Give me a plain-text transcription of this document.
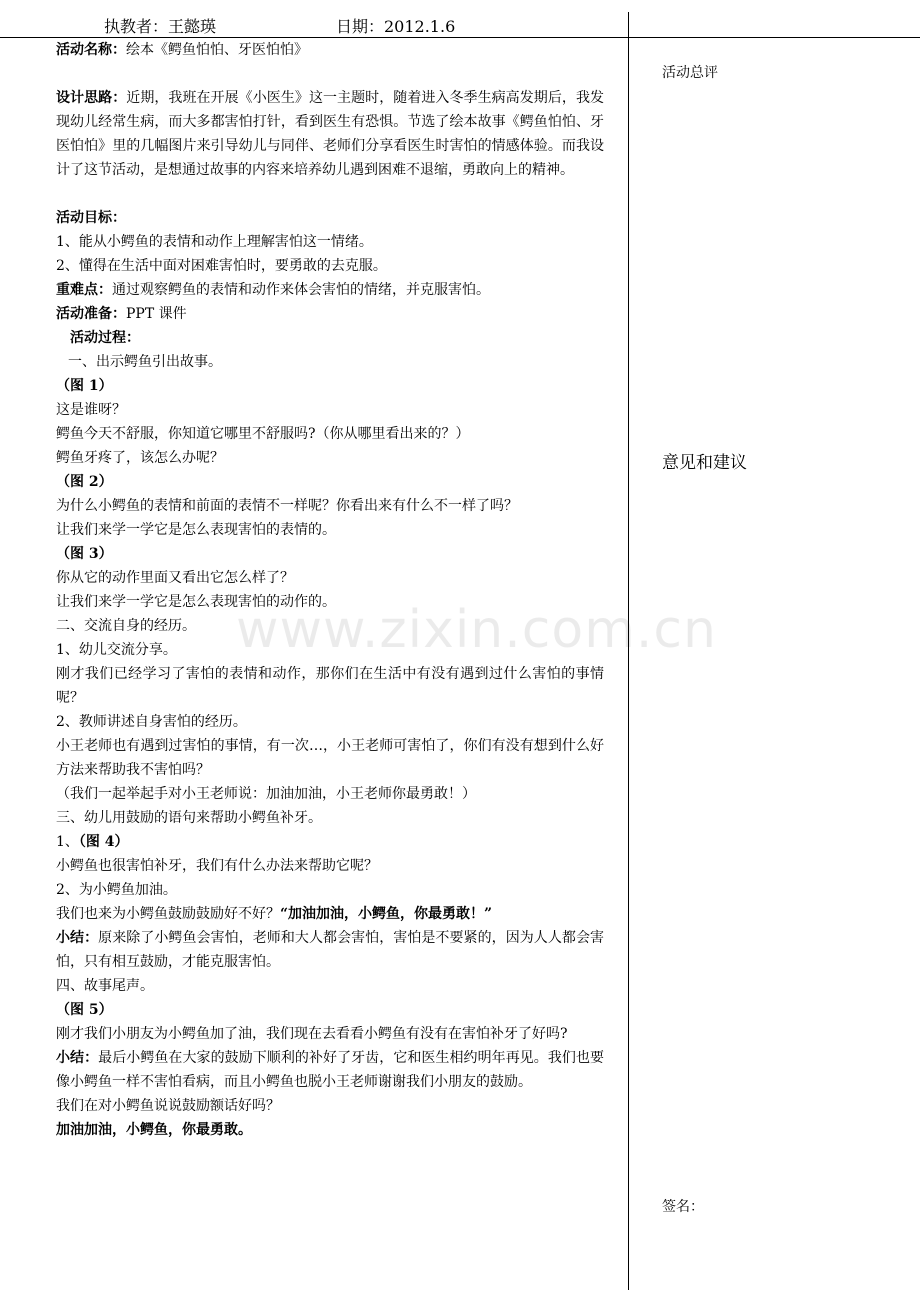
执教者：王懿瑛	日期：2012.1.6
活动名称：绘本《鳄鱼怕怕、牙医怕怕》
设计思路：近期，我班在开展《小医生》这一主题时，随着进入冬季生病高发期后，我发现幼儿经常生病，而大多都害怕打针，看到医生有恐惧。节选了绘本故事《鳄鱼怕怕、牙医怕怕》里的几幅图片来引导幼儿与同伴、老师们分享看医生时害怕的情感体验。而我设计了这节活动，是想通过故事的内容来培养幼儿遇到困难不退缩，勇敢向上的精神。
活动目标：
1、能从小鳄鱼的表情和动作上理解害怕这一情绪。
2、懂得在生活中面对困难害怕时，要勇敢的去克服。
重难点：通过观察鳄鱼的表情和动作来体会害怕的情绪，并克服害怕。
活动准备：PPT 课件
活动过程：
一、出示鳄鱼引出故事。
（图 1）
这是谁呀？
鳄鱼今天不舒服，你知道它哪里不舒服吗?（你从哪里看出来的？）
鳄鱼牙疼了，该怎么办呢？
（图 2）
为什么小鳄鱼的表情和前面的表情不一样呢？你看出来有什么不一样了吗？
让我们来学一学它是怎么表现害怕的表情的。
（图 3）
你从它的动作里面又看出它怎么样了？
让我们来学一学它是怎么表现害怕的动作的。
二、交流自身的经历。
1、幼儿交流分享。
刚才我们已经学习了害怕的表情和动作，那你们在生活中有没有遇到过什么害怕的事情呢？
2、教师讲述自身害怕的经历。
小王老师也有遇到过害怕的事情，有一次…，小王老师可害怕了，你们有没有想到什么好方法来帮助我不害怕吗？
（我们一起举起手对小王老师说：加油加油，小王老师你最勇敢！）
三、幼儿用鼓励的语句来帮助小鳄鱼补牙。
1、（图 4）
小鳄鱼也很害怕补牙，我们有什么办法来帮助它呢？
2、为小鳄鱼加油。
我们也来为小鳄鱼鼓励鼓励好不好？“加油加油，小鳄鱼，你最勇敢！”
小结：原来除了小鳄鱼会害怕，老师和大人都会害怕，害怕是不要紧的，因为人人都会害怕，只有相互鼓励，才能克服害怕。
四、故事尾声。
（图 5）
刚才我们小朋友为小鳄鱼加了油，我们现在去看看小鳄鱼有没有在害怕补牙了好吗?
小结：最后小鳄鱼在大家的鼓励下顺利的补好了牙齿，它和医生相约明年再见。我们也要像小鳄鱼一样不害怕看病，而且小鳄鱼也脱小王老师谢谢我们小朋友的鼓励。
我们在对小鳄鱼说说鼓励额话好吗？
加油加油，小鳄鱼，你最勇敢。
活动总评
意见和建议
签名：
www.zixin.com.cn
